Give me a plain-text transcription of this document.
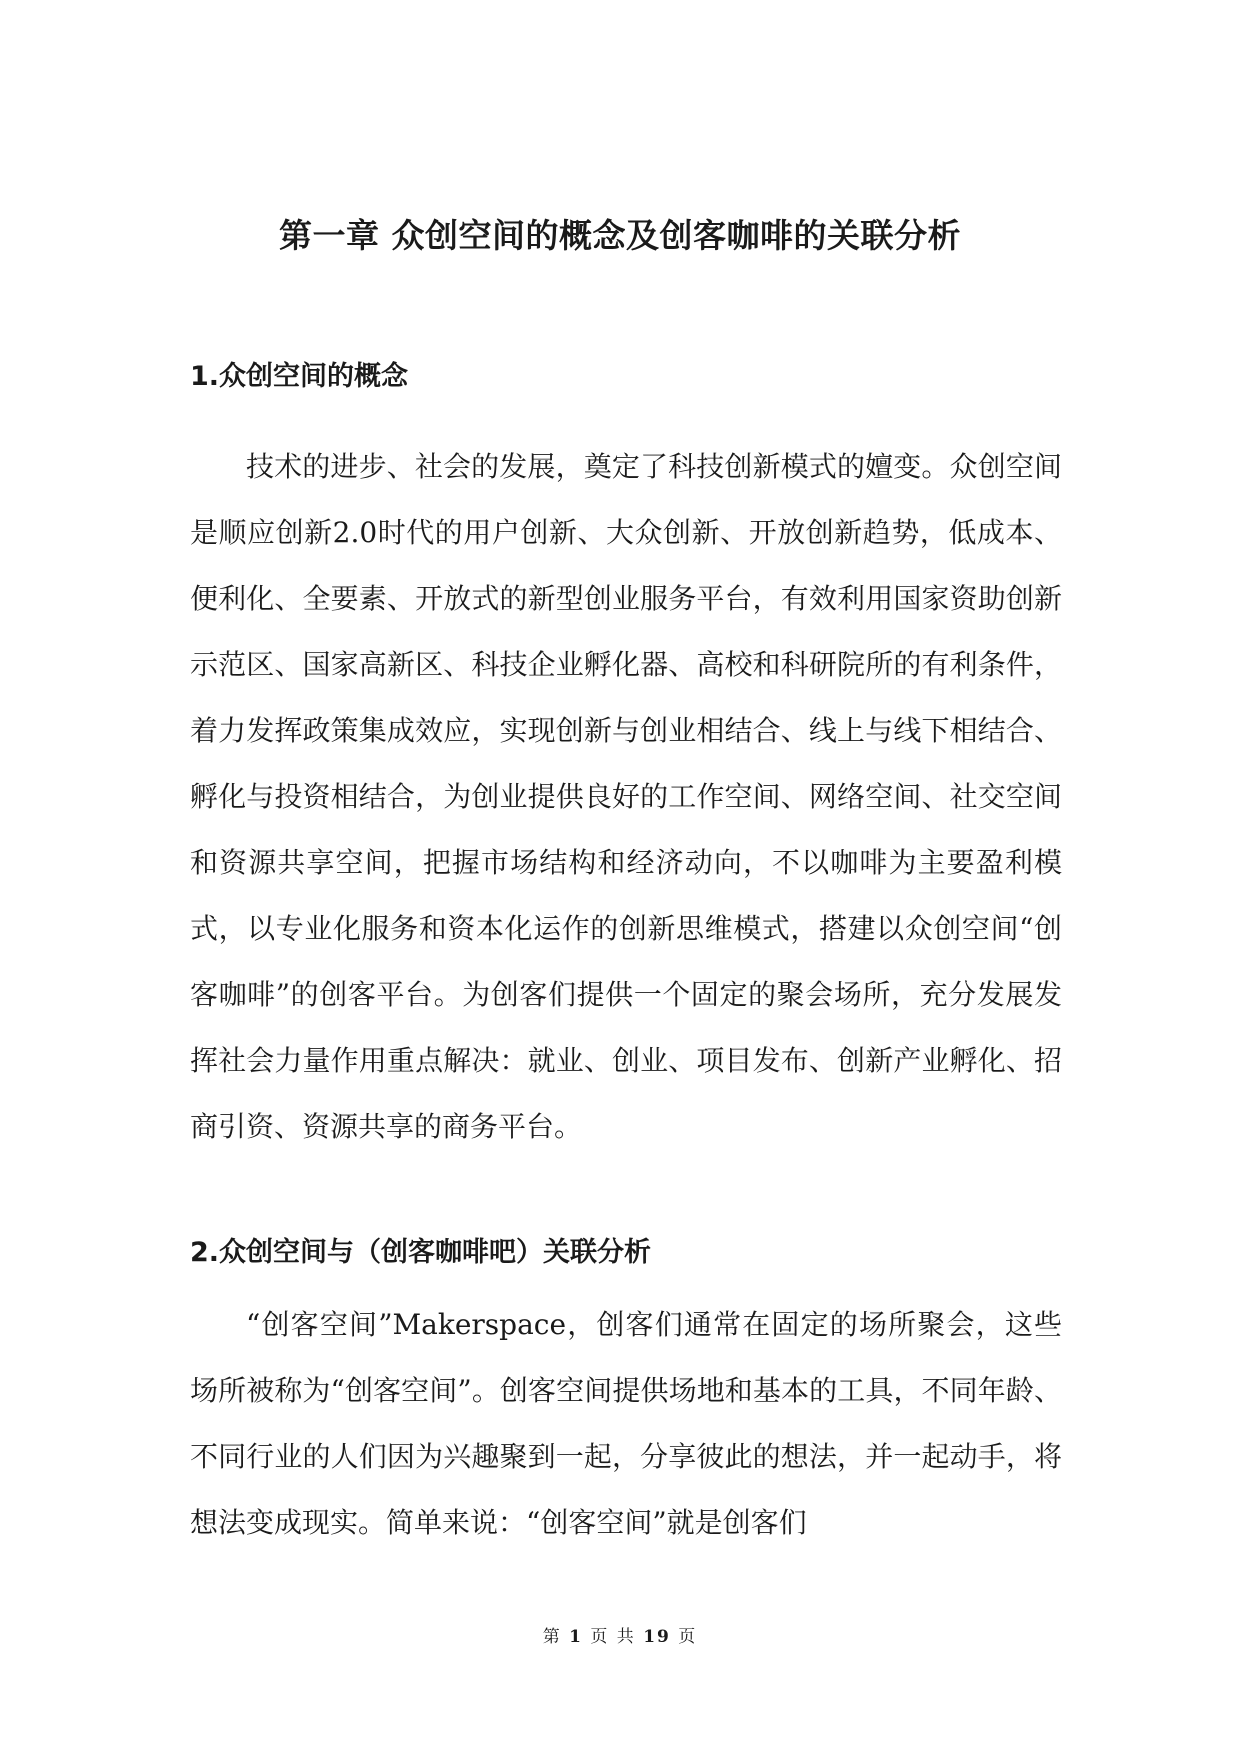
第一章 众创空间的概念及创客咖啡的关联分析
1.众创空间的概念

技术的进步、社会的发展，奠定了科技创新模式的嬗变。众创空间是顺应创新2.0时代的用户创新、大众创新、开放创新趋势，低成本、便利化、全要素、开放式的新型创业服务平台，有效利用国家资助创新示范区、国家高新区、科技企业孵化器、高校和科研院所的有利条件，着力发挥政策集成效应，实现创新与创业相结合、线上与线下相结合、孵化与投资相结合，为创业提供良好的工作空间、网络空间、社交空间和资源共享空间，把握市场结构和经济动向，不以咖啡为主要盈利模式，以专业化服务和资本化运作的创新思维模式，搭建以众创空间“创客咖啡”的创客平台。为创客们提供一个固定的聚会场所，充分发展发挥社会力量作用重点解决：就业、创业、项目发布、创新产业孵化、招商引资、资源共享的商务平台。

2.众创空间与（创客咖啡吧）关联分析

“创客空间”Makerspace，创客们通常在固定的场所聚会，这些场所被称为“创客空间”。创客空间提供场地和基本的工具，不同年龄、不同行业的人们因为兴趣聚到一起，分享彼此的想法，并一起动手，将想法变成现实。简单来说：“创客空间”就是创客们

第 1 页 共 19 页
